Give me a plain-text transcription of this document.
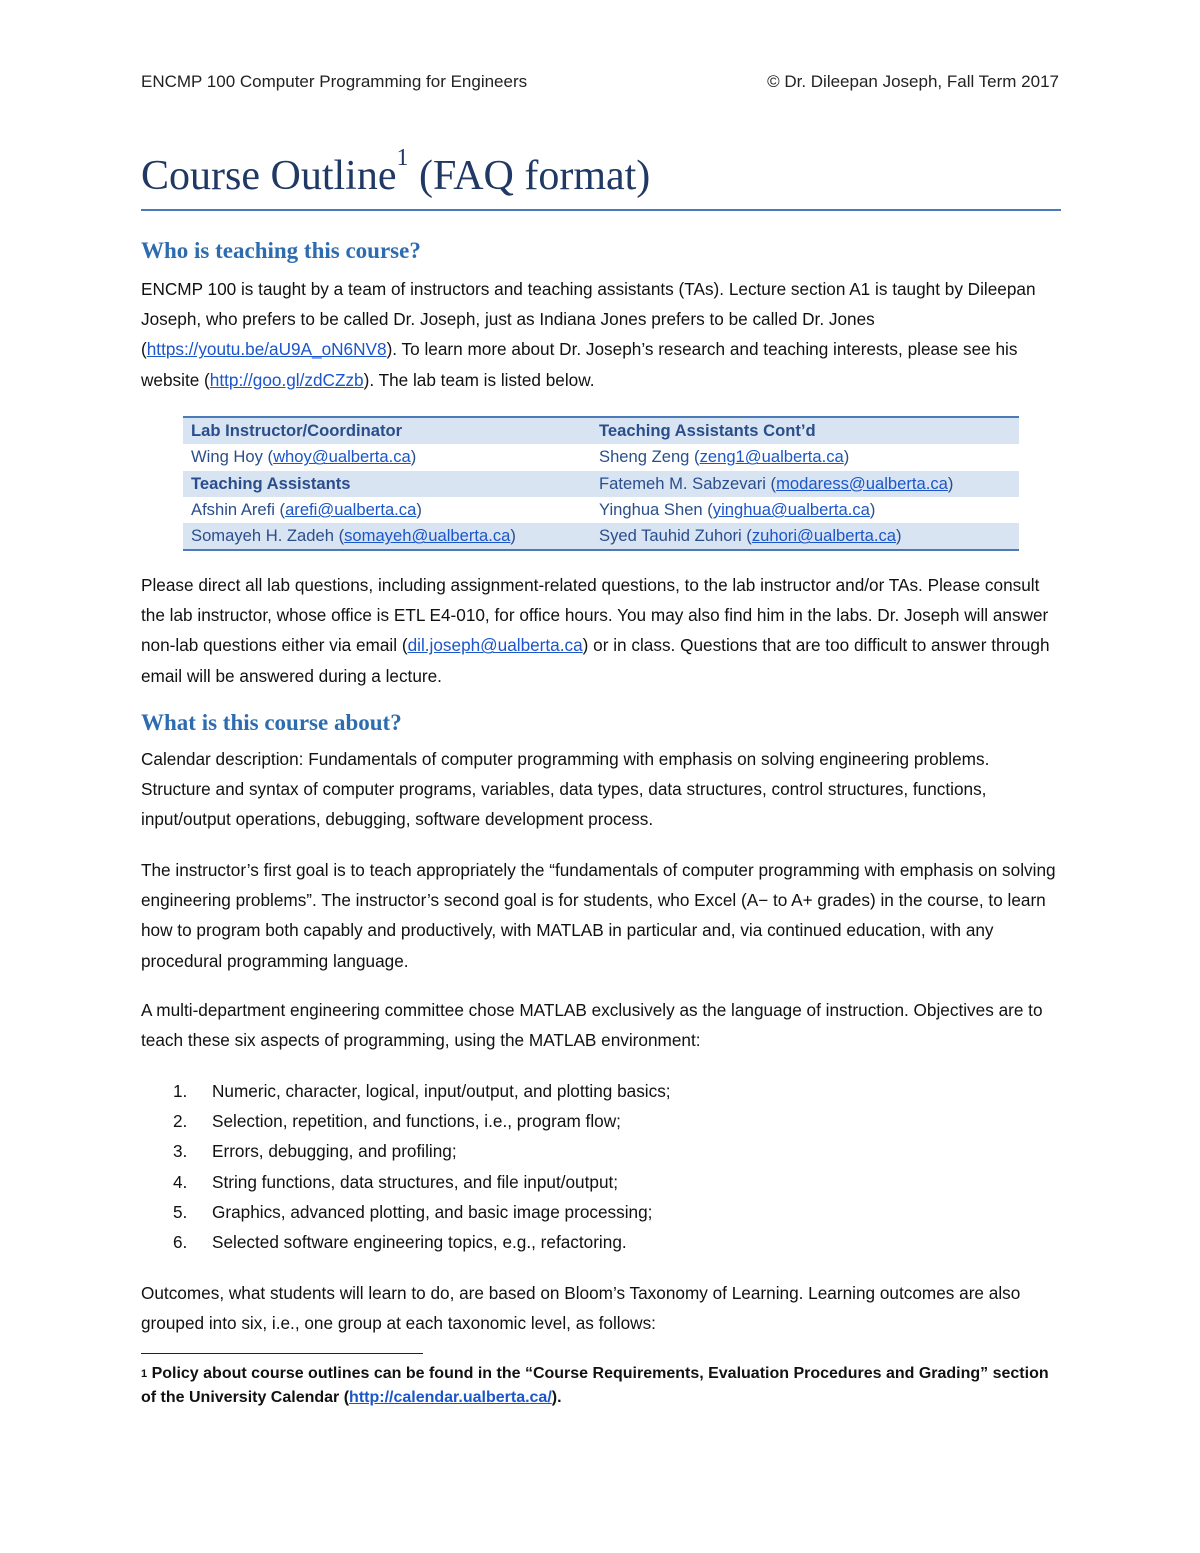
ENCMP 100 Computer Programming for Engineers	© Dr. Dileepan Joseph, Fall Term 2017
Course Outline$^1$ (FAQ format)
Who is teaching this course?
ENCMP 100 is taught by a team of instructors and teaching assistants (TAs). Lecture section A1 is taught by Dileepan Joseph, who prefers to be called Dr. Joseph, just as Indiana Jones prefers to be called Dr. Jones (https://youtu.be/aU9A_oN6NV8). To learn more about Dr. Joseph’s research and teaching interests, please see his website (http://goo.gl/zdCZzb). The lab team is listed below.
Lab Instructor/Coordinator	Teaching Assistants Cont’d
Wing Hoy (whoy@ualberta.ca)	Sheng Zeng (zeng1@ualberta.ca)
Teaching Assistants	Fatemeh M. Sabzevari (modaress@ualberta.ca)
Afshin Arefi (arefi@ualberta.ca)	Yinghua Shen (yinghua@ualberta.ca)
Somayeh H. Zadeh (somayeh@ualberta.ca)	Syed Tauhid Zuhori (zuhori@ualberta.ca)
Please direct all lab questions, including assignment-related questions, to the lab instructor and/or TAs. Please consult the lab instructor, whose office is ETL E4-010, for office hours. You may also find him in the labs. Dr. Joseph will answer non-lab questions either via email (dil.joseph@ualberta.ca) or in class. Questions that are too difficult to answer through email will be answered during a lecture.
What is this course about?
Calendar description: Fundamentals of computer programming with emphasis on solving engineering problems. Structure and syntax of computer programs, variables, data types, data structures, control structures, functions, input/output operations, debugging, software development process.
The instructor’s first goal is to teach appropriately the “fundamentals of computer programming with emphasis on solving engineering problems”. The instructor’s second goal is for students, who Excel (A− to A+ grades) in the course, to learn how to program both capably and productively, with MATLAB in particular and, via continued education, with any procedural programming language.
A multi-department engineering committee chose MATLAB exclusively as the language of instruction. Objectives are to teach these six aspects of programming, using the MATLAB environment:
1. Numeric, character, logical, input/output, and plotting basics;
2. Selection, repetition, and functions, i.e., program flow;
3. Errors, debugging, and profiling;
4. String functions, data structures, and file input/output;
5. Graphics, advanced plotting, and basic image processing;
6. Selected software engineering topics, e.g., refactoring.
Outcomes, what students will learn to do, are based on Bloom’s Taxonomy of Learning. Learning outcomes are also grouped into six, i.e., one group at each taxonomic level, as follows:
$^1$ Policy about course outlines can be found in the “Course Requirements, Evaluation Procedures and Grading” section of the University Calendar (http://calendar.ualberta.ca/).
